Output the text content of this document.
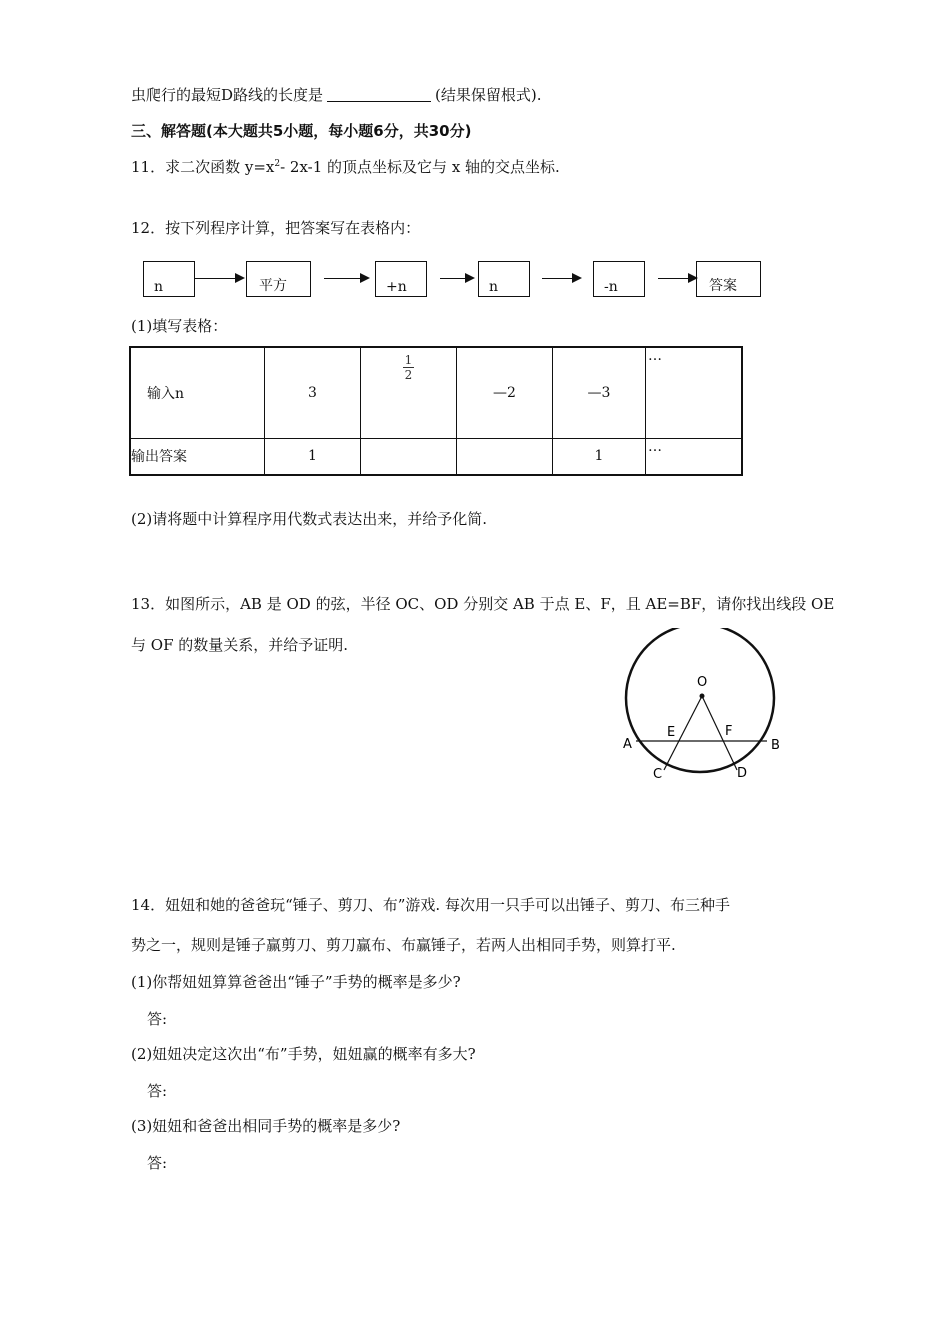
虫爬行的最短D路线的长度是	(结果保留根式).
三、解答题(本大题共5小题，每小题6分，共30分)
11．求二次函数 $y=x^2-$ 2x-1 的顶点坐标及它与 x 轴的交点坐标.
12．按下列程序计算，把答案写在表格内：
n	平方	+n	n	-n	答案
(1)填写表格：
输入n	3	$\frac{1}{2}$	—2	—3	…
输出答案	1			1	…
(2)请将题中计算程序用代数式表达出来，并给予化简.
13．如图所示，AB 是 OD 的弦，半径 OC、OD 分别交 AB 于点 E、F，且 AE=BF，请你找出线段 OE
与 OF 的数量关系，并给予证明.
O
E	F
A	B
C	D
14．妞妞和她的爸爸玩“锤子、剪刀、布”游戏. 每次用一只手可以出锤子、剪刀、布三种手
势之一，规则是锤子赢剪刀、剪刀赢布、布赢锤子，若两人出相同手势，则算打平.
(1)你帮妞妞算算爸爸出“锤子”手势的概率是多少?
答:
(2)妞妞决定这次出“布”手势，妞妞赢的概率有多大?
答:
(3)妞妞和爸爸出相同手势的概率是多少?
答:
